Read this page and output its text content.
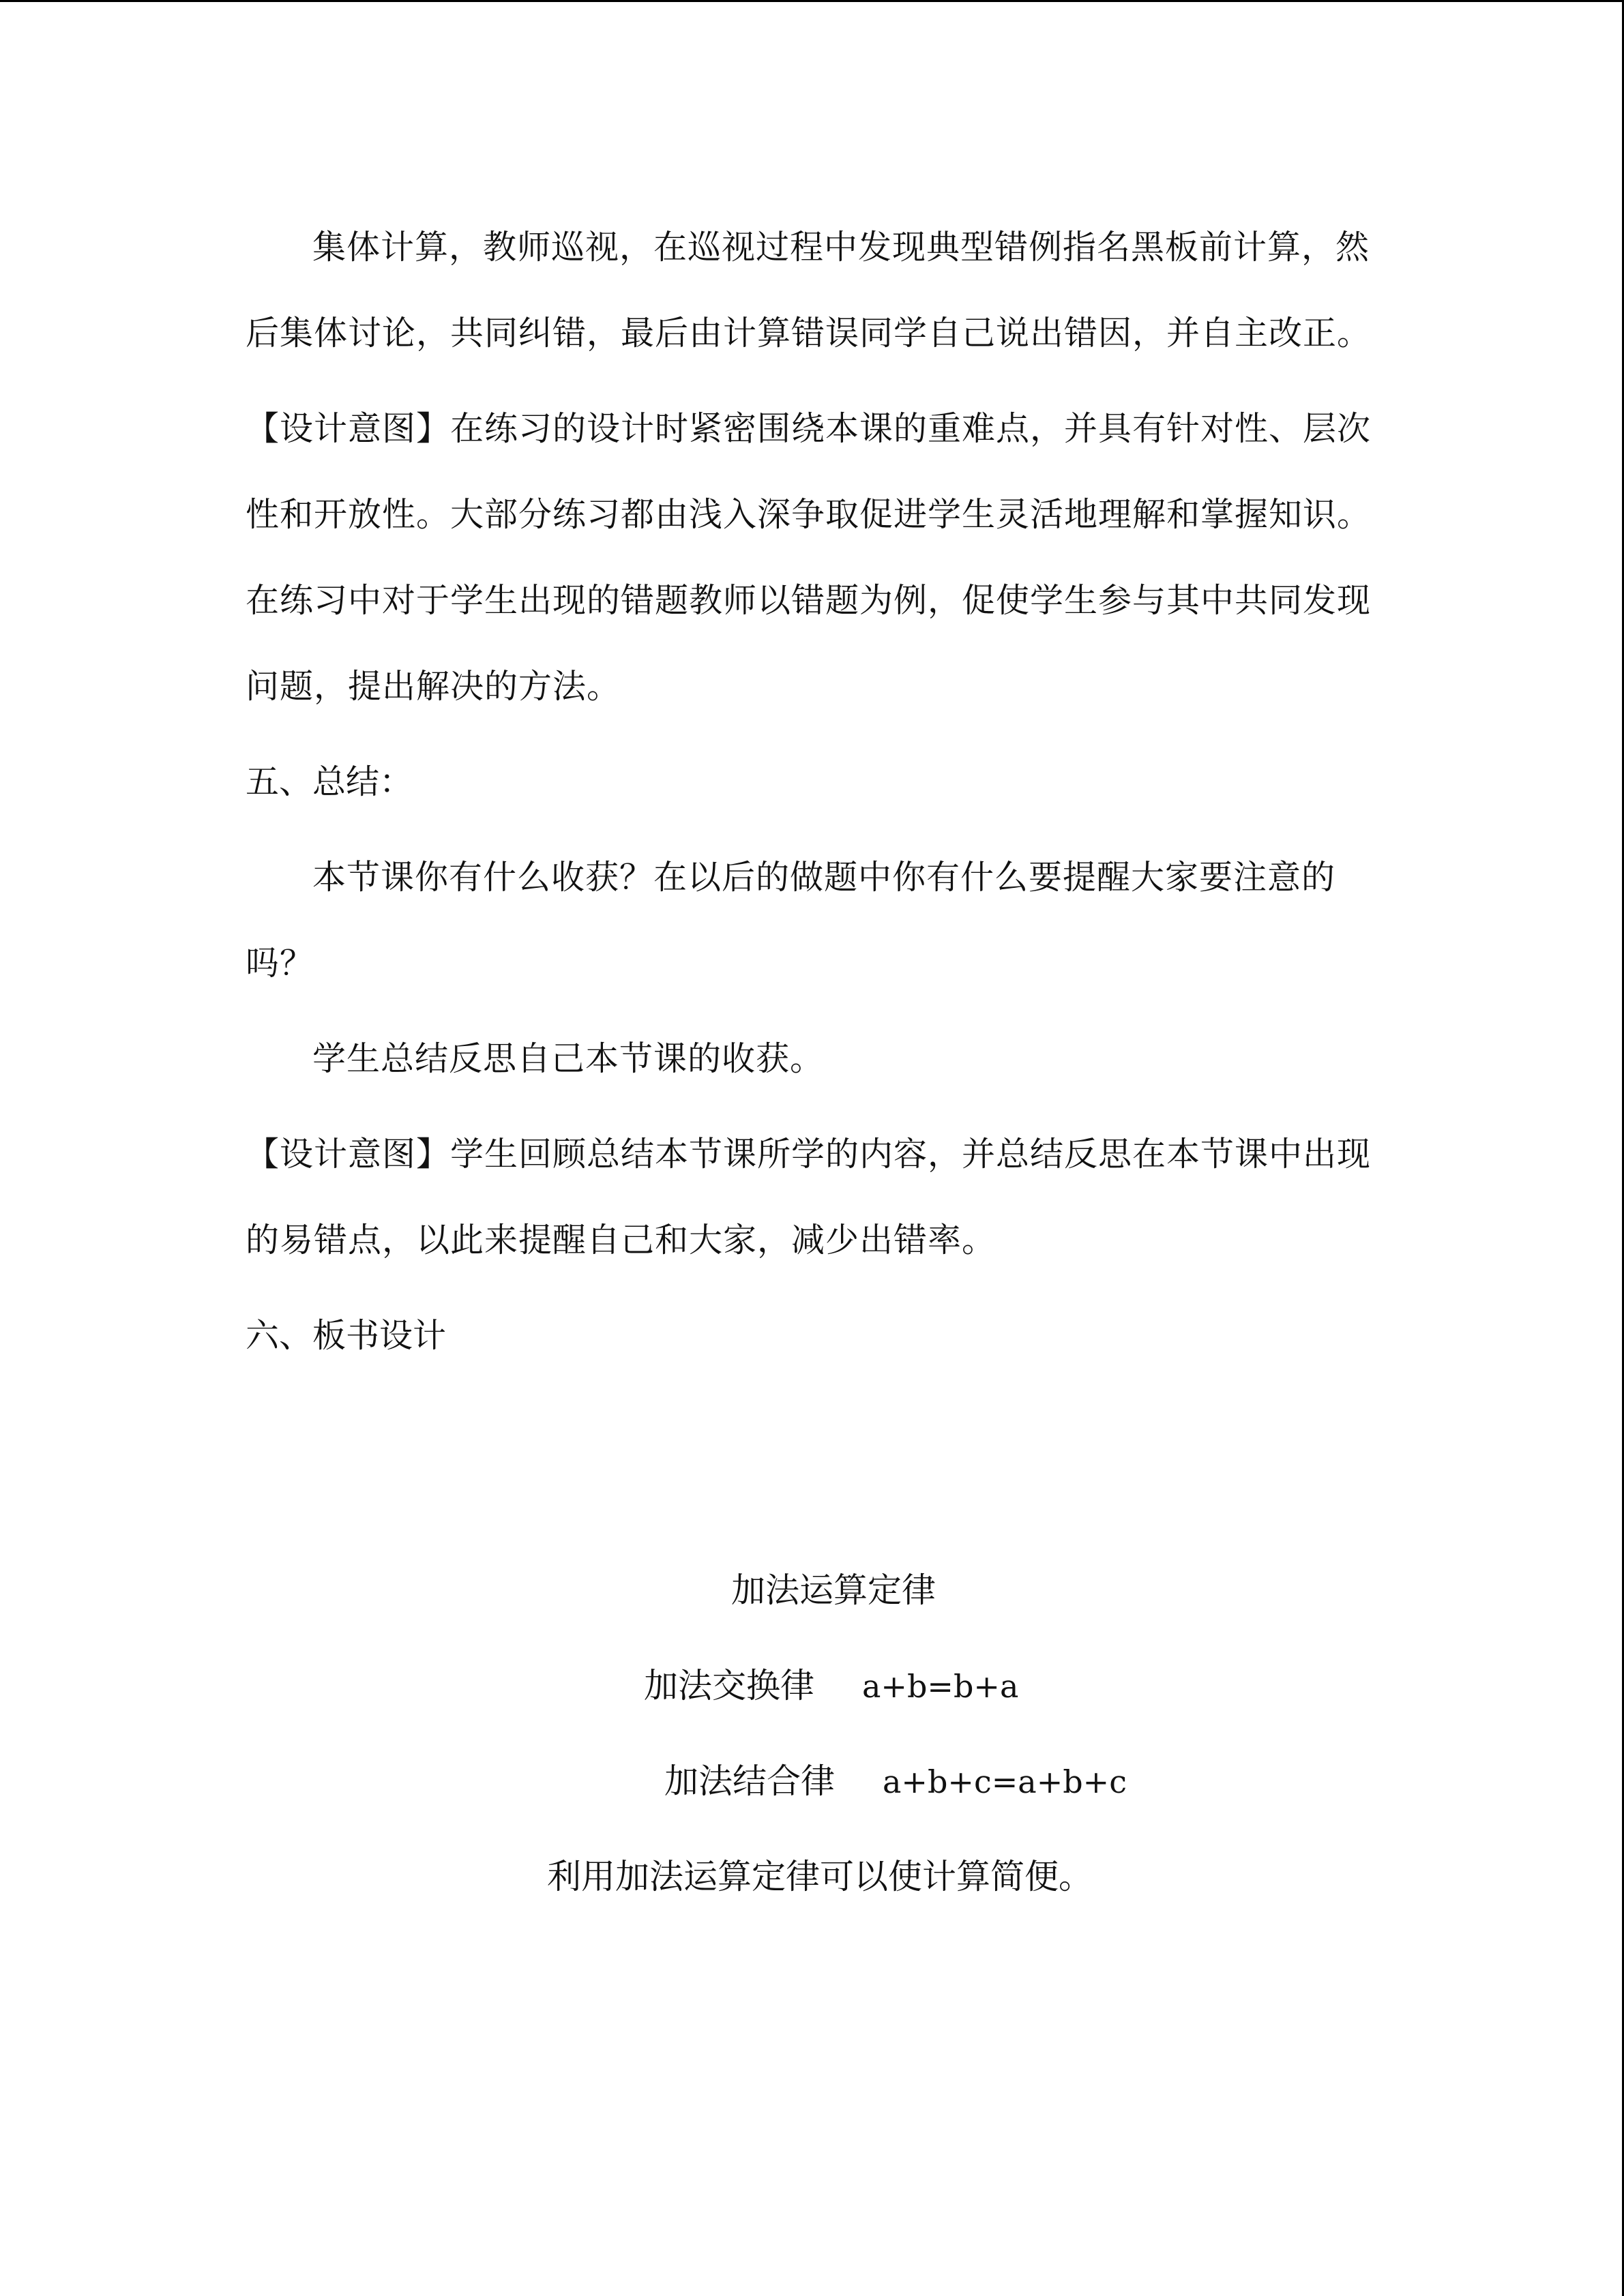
集体计算，教师巡视，在巡视过程中发现典型错例指名黑板前计算，然后集体讨论，共同纠错，最后由计算错误同学自己说出错因，并自主改正。

【设计意图】在练习的设计时紧密围绕本课的重难点，并具有针对性、层次性和开放性。大部分练习都由浅入深争取促进学生灵活地理解和掌握知识。在练习中对于学生出现的错题教师以错题为例，促使学生参与其中共同发现问题，提出解决的方法。

五、总结：

本节课你有什么收获？在以后的做题中你有什么要提醒大家要注意的吗？

学生总结反思自己本节课的收获。

【设计意图】学生回顾总结本节课所学的内容，并总结反思在本节课中出现的易错点，以此来提醒自己和大家，减少出错率。

六、板书设计

加法运算定律
加法交换律 a+b=b+a
加法结合律 a+b+c=a+b+c
利用加法运算定律可以使计算简便。
